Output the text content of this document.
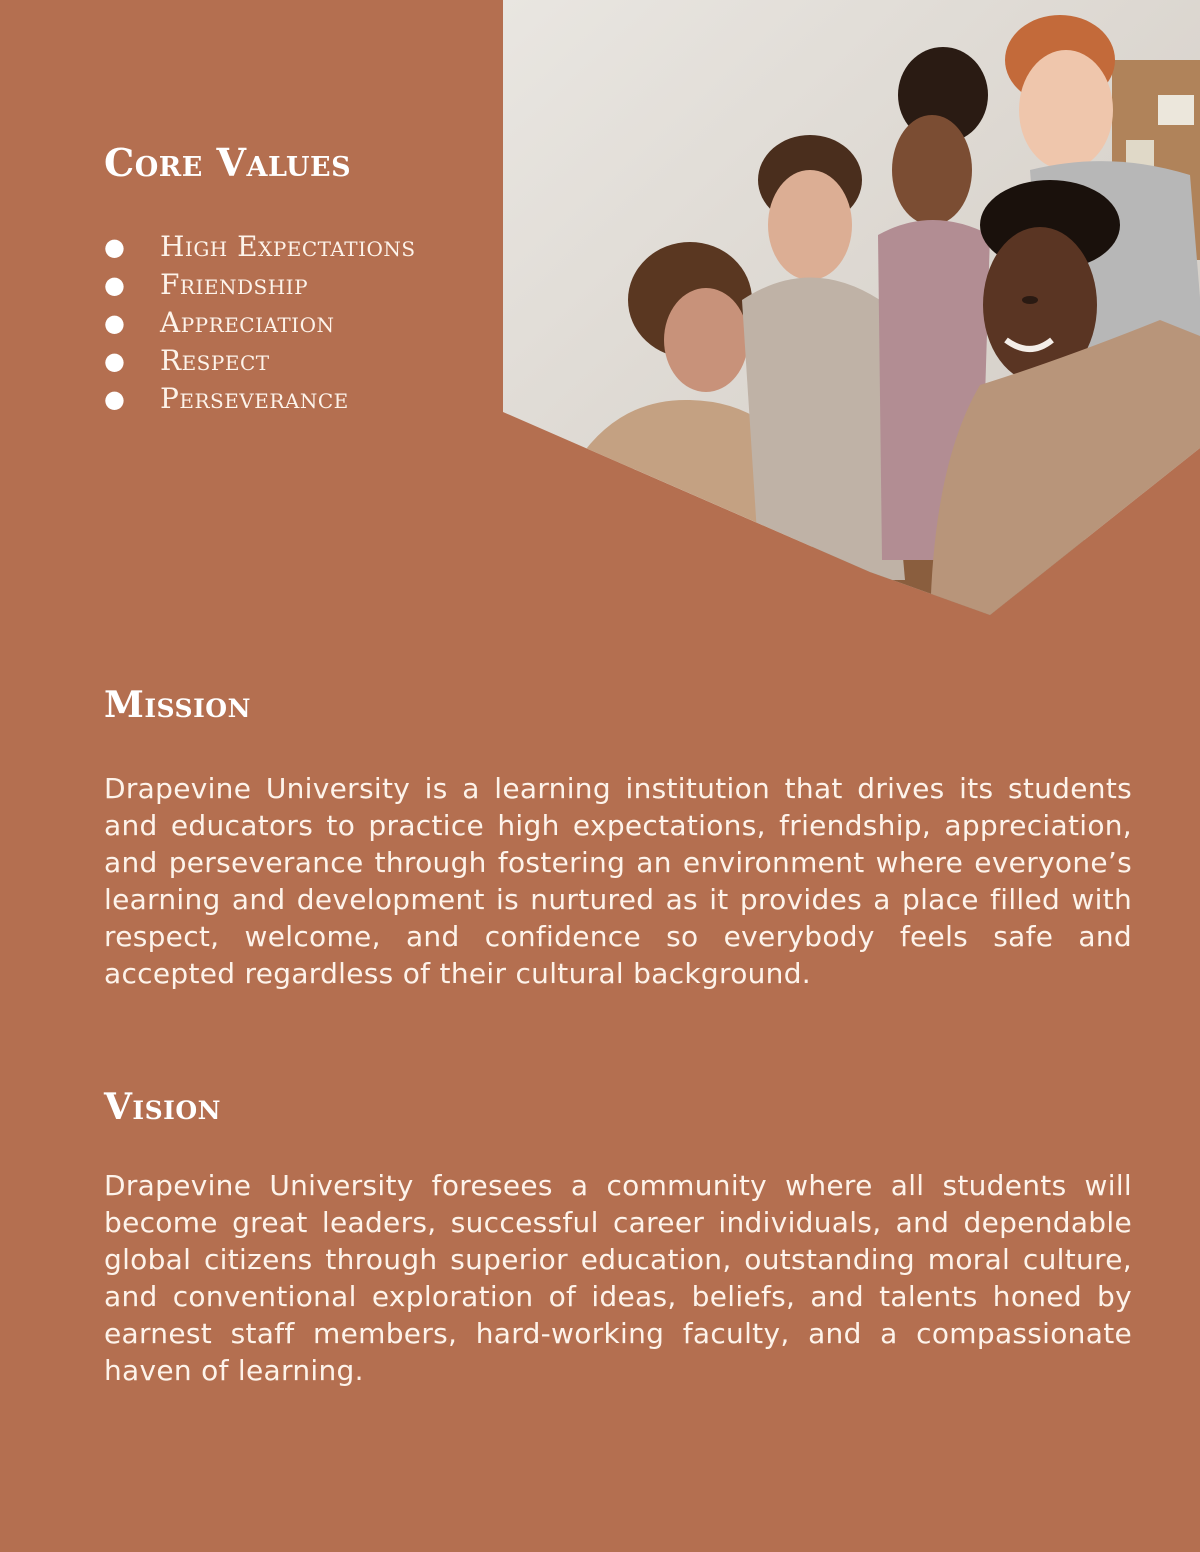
Core Values
● High Expectations
● Friendship
● Appreciation
● Respect
● Perseverance
Mission

Drapevine University is a learning institution that drives its students and educators to practice high expectations, friendship, appreciation, and perseverance through fostering an environment where everyone’s learning and development is nurtured as it provides a place filled with respect, welcome, and confidence so everybody feels safe and accepted regardless of their cultural background.

Vision

Drapevine University foresees a community where all students will become great leaders, successful career individuals, and dependable global citizens through superior education, outstanding moral culture, and conventional exploration of ideas, beliefs, and talents honed by earnest staff members, hard-working faculty, and a compassionate haven of learning.
